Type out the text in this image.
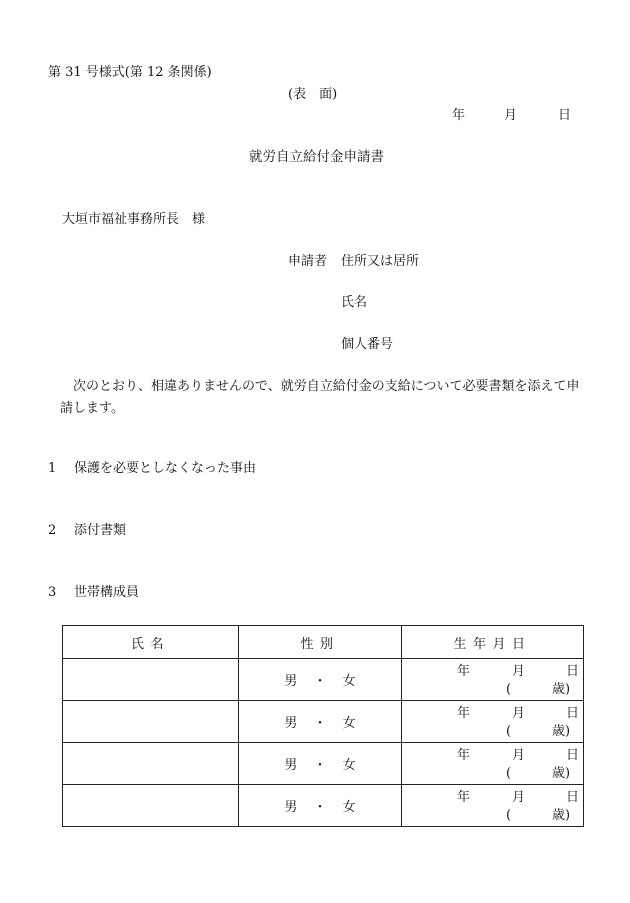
第 31 号様式(第 12 条関係)
(表　面)
年	月	日
就労自立給付金申請書
大垣市福祉事務所長　様
申請者 住所又は居所
氏名
個人番号
次のとおり、相違ありませんので、就労自立給付金の支給について必要書類を添えて申請します。
1 保護を必要としなくなった事由
2 添付書類
3 世帯構成員
氏名	性別	生年月日
	男 ・ 女	年 月 日
( 歳)

	男 ・ 女	年 月 日
( 歳)

	男 ・ 女	年 月 日
( 歳)

	男 ・ 女	年 月 日
( 歳)
